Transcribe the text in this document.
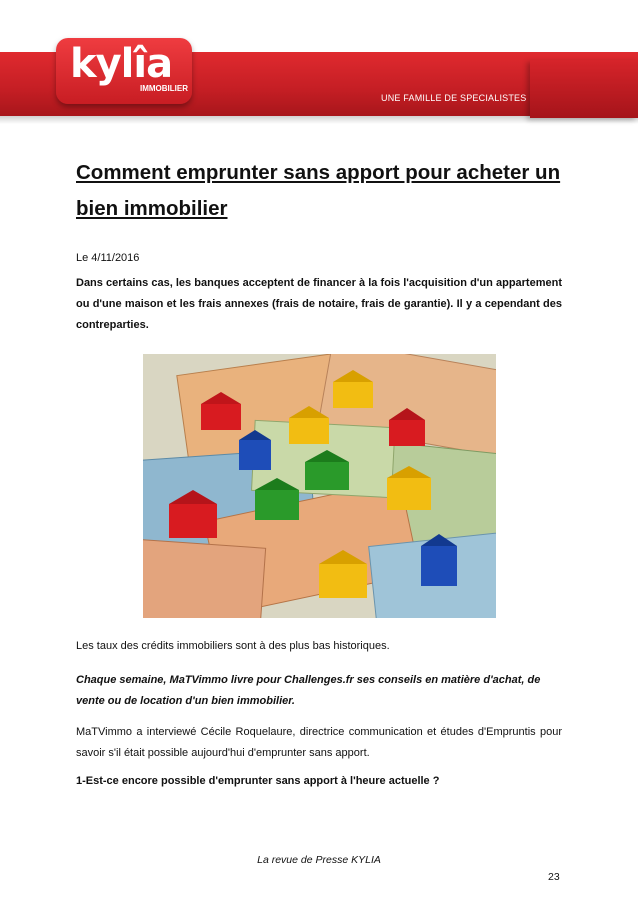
kylîa
IMMOBILIER
UNE FAMILLE DE SPECIALISTES
Comment emprunter sans apport pour acheter un bien immobilier
Le 4/11/2016

Dans certains cas, les banques acceptent de financer à la fois l'acquisition d'un appartement ou d'une maison et les frais annexes (frais de notaire, frais de garantie). Il y a cependant des contreparties.

Les taux des crédits immobiliers sont à des plus bas historiques.

Chaque semaine, MaTVimmo livre pour Challenges.fr ses conseils en matière d'achat, de vente ou de location d'un bien immobilier.

MaTVimmo a interviewé Cécile Roquelaure, directrice communication et études d'Empruntis pour savoir s'il était possible aujourd'hui d'emprunter sans apport.

1-Est-ce encore possible d'emprunter sans apport à l'heure actuelle ?
La revue de Presse KYLIA
23
